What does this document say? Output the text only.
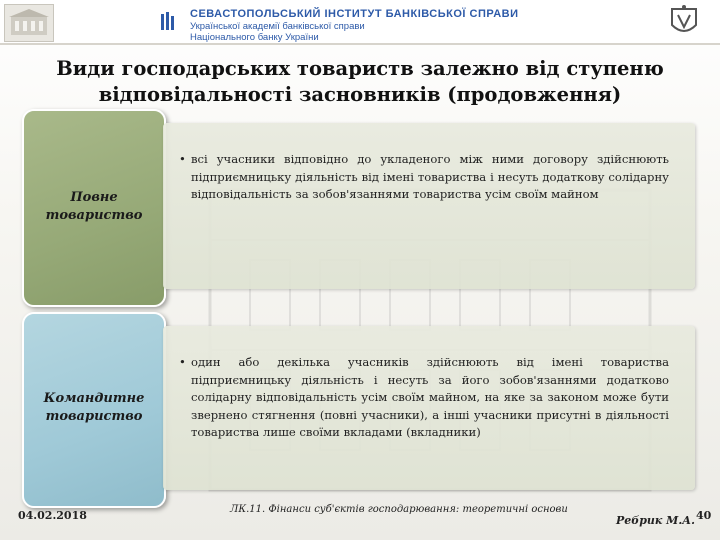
СЕВАСТОПОЛЬСЬКИЙ ІНСТИТУТ БАНКІВСЬКОЇ СПРАВИ
Української академії банківської справи
Національного банку України
Види господарських товариств залежно від ступеню відповідальності засновників (продовження)
Повне
товариство
• всі учасники відповідно до укладеного між ними договору здійснюють підприємницьку діяльність від імені товариства і несуть додаткову солідарну відповідальність за зобов'язаннями товариства усім своїм майном
Командитне
товариство
• один або декілька учасників здійснюють від імені товариства підприємницьку діяльність і несуть за його зобов'язаннями додатково солідарну відповідальність усім своїм майном, на яке за законом може бути звернено стягнення (повні учасники), а інші учасники присутні в діяльності товариства лише своїми вкладами (вкладники)
04.02.2018	ЛК.11. Фінанси суб'єктів господарювання: теоретичні основи
Ребрик М.А. 40
